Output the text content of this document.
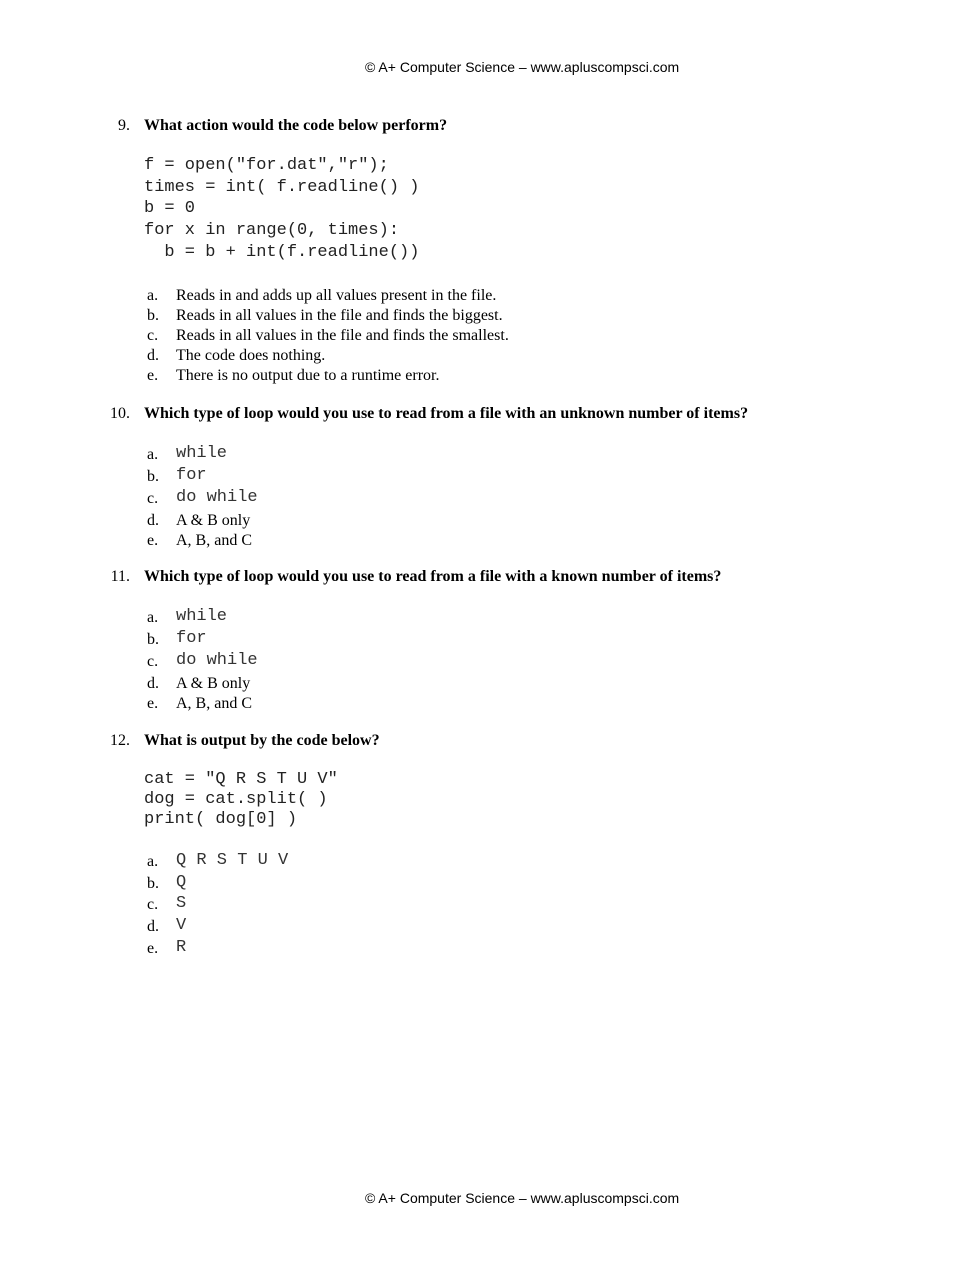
© A+ Computer Science – www.apluscompsci.com
9. What action would the code below perform?
f = open("for.dat","r");
times = int( f.readline() )
b = 0
for x in range(0, times):
b = b + int(f.readline())
a. Reads in and adds up all values present in the file.
b. Reads in all values in the file and finds the biggest.
c. Reads in all values in the file and finds the smallest.
d. The code does nothing.
e. There is no output due to a runtime error.
10. Which type of loop would you use to read from a file with an unknown number of items?
a. while
b. for
c. do while
d. A & B only
e. A, B, and C
11. Which type of loop would you use to read from a file with a known number of items?
a. while
b. for
c. do while
d. A & B only
e. A, B, and C
12. What is output by the code below?
cat = "Q R S T U V"
dog = cat.split( )
print( dog[0] )
a. Q R S T U V
b. Q
c. S
d. V
e. R
© A+ Computer Science – www.apluscompsci.com
